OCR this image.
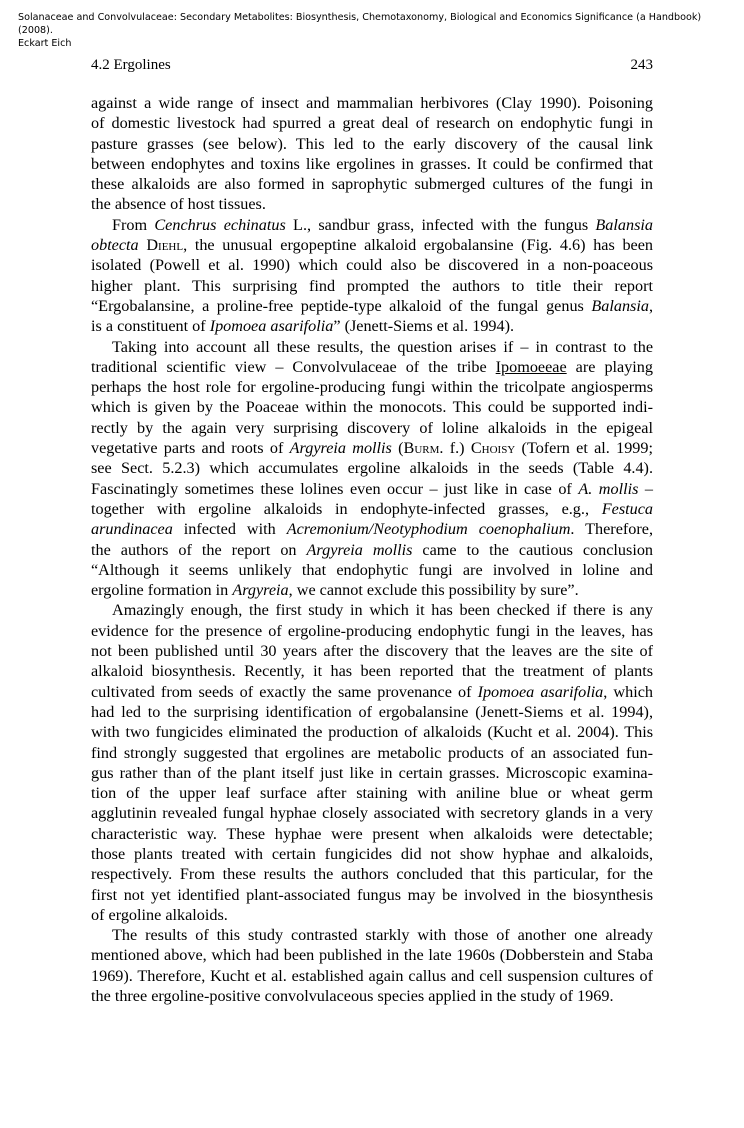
Solanaceae and Convolvulaceae: Secondary Metabolites: Biosynthesis, Chemotaxonomy, Biological and Economics Significance (a Handbook) (2008).
Eckart Eich
4.2 Ergolines	243
against a wide range of insect and mammalian herbivores (Clay 1990). Poisoning
of domestic livestock had spurred a great deal of research on endophytic fungi in
pasture grasses (see below). This led to the early discovery of the causal link
between endophytes and toxins like ergolines in grasses. It could be confirmed that
these alkaloids are also formed in saprophytic submerged cultures of the fungi in
the absence of host tissues.
From Cenchrus echinatus L., sandbur grass, infected with the fungus Balansia
obtecta Diehl, the unusual ergopeptine alkaloid ergobalansine (Fig. 4.6) has been
isolated (Powell et al. 1990) which could also be discovered in a non-poaceous
higher plant. This surprising find prompted the authors to title their report
“Ergobalansine, a proline-free peptide-type alkaloid of the fungal genus Balansia,
is a constituent of Ipomoea asarifolia” (Jenett-Siems et al. 1994).
Taking into account all these results, the question arises if – in contrast to the
traditional scientific view – Convolvulaceae of the tribe Ipomoeeae are playing
perhaps the host role for ergoline-producing fungi within the tricolpate angiosperms
which is given by the Poaceae within the monocots. This could be supported indi-
rectly by the again very surprising discovery of loline alkaloids in the epigeal
vegetative parts and roots of Argyreia mollis (Burm. f.) Choisy (Tofern et al. 1999;
see Sect. 5.2.3) which accumulates ergoline alkaloids in the seeds (Table 4.4).
Fascinatingly sometimes these lolines even occur – just like in case of A. mollis –
together with ergoline alkaloids in endophyte-infected grasses, e.g., Festuca
arundinacea infected with Acremonium/Neotyphodium coenophalium. Therefore,
the authors of the report on Argyreia mollis came to the cautious conclusion
“Although it seems unlikely that endophytic fungi are involved in loline and
ergoline formation in Argyreia, we cannot exclude this possibility by sure”.
Amazingly enough, the first study in which it has been checked if there is any
evidence for the presence of ergoline-producing endophytic fungi in the leaves, has
not been published until 30 years after the discovery that the leaves are the site of
alkaloid biosynthesis. Recently, it has been reported that the treatment of plants
cultivated from seeds of exactly the same provenance of Ipomoea asarifolia, which
had led to the surprising identification of ergobalansine (Jenett-Siems et al. 1994),
with two fungicides eliminated the production of alkaloids (Kucht et al. 2004). This
find strongly suggested that ergolines are metabolic products of an associated fun-
gus rather than of the plant itself just like in certain grasses. Microscopic examina-
tion of the upper leaf surface after staining with aniline blue or wheat germ
agglutinin revealed fungal hyphae closely associated with secretory glands in a very
characteristic way. These hyphae were present when alkaloids were detectable;
those plants treated with certain fungicides did not show hyphae and alkaloids,
respectively. From these results the authors concluded that this particular, for the
first not yet identified plant-associated fungus may be involved in the biosynthesis
of ergoline alkaloids.
The results of this study contrasted starkly with those of another one already
mentioned above, which had been published in the late 1960s (Dobberstein and Staba
1969). Therefore, Kucht et al. established again callus and cell suspension cultures of
the three ergoline-positive convolvulaceous species applied in the study of 1969.
